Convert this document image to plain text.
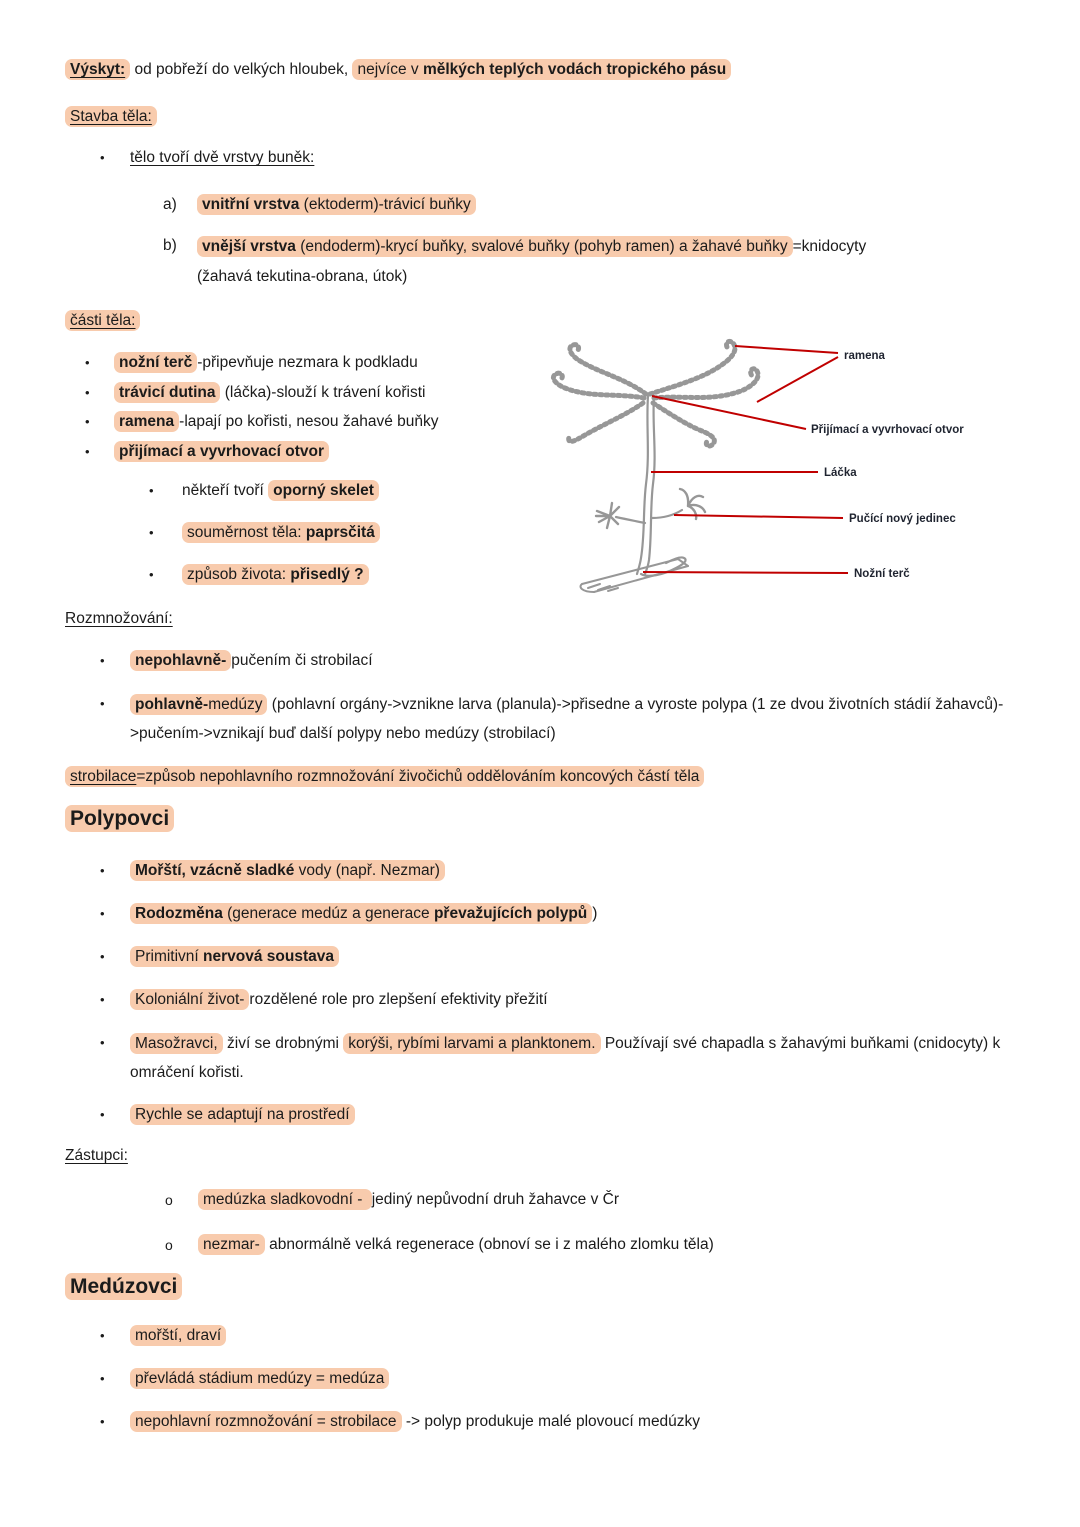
Výskyt: od pobřeží do velkých hloubek, nejvíce v mělkých teplých vodách tropického pásu

Stavba těla:

•	tělo tvoří dvě vrstvy buněk:
a)	vnitřní vrstva (ektoderm)-trávicí buňky
b)	vnější vrstva (endoderm)-krycí buňky, svalové buňky (pohyb ramen) a žahavé buňky =knidocyty
(žahavá tekutina-obrana, útok)

části těla:

•	nožní terč -připevňuje nezmara k podkladu
•	trávicí dutina (láčka)-slouží k trávení kořisti
•	ramena -lapají po kořisti, nesou žahavé buňky
•	přijímací a vyvrhovací otvor
•	někteří tvoří oporný skelet
•	souměrnost těla: paprsčitá
•	způsob života: přisedlý ?

Rozmnožování:

•	nepohlavně- pučením či strobilací
•	pohlavně-medúzy (pohlavní orgány->vznikne larva (planula)->přisedne a vyroste polypa (1 ze dvou životních stádií žahavců)->pučením->vznikají buď další polypy nebo medúzy (strobilací)

strobilace=způsob nepohlavního rozmnožování živočichů oddělováním koncových částí těla

Polypovci

•	Mořští, vzácně sladké vody (např. Nezmar)
•	Rodozměna (generace medúz a generace převažujících polypů )
•	Primitivní nervová soustava
•	Koloniální život- rozdělené role pro zlepšení efektivity přežití
•	Masožravci, živí se drobnými korýši, rybími larvami a planktonem. Používají své chapadla s žahavými buňkami (cnidocyty) k omráčení kořisti.
•	Rychle se adaptují na prostředí

Zástupci:

o	medúzka sladkovodní - jediný nepůvodní druh žahavce v Čr
o	nezmar- abnormálně velká regenerace (obnoví se i z malého zlomku těla)

Medúzovci

•	mořští, draví
•	převládá stádium medúzy = medúza
•	nepohlavní rozmnožování = strobilace -> polyp produkuje malé plovoucí medúzky
ramena
Přijímací a vyvrhovací otvor
Láčka
Pučící nový jedinec
Nožní terč
